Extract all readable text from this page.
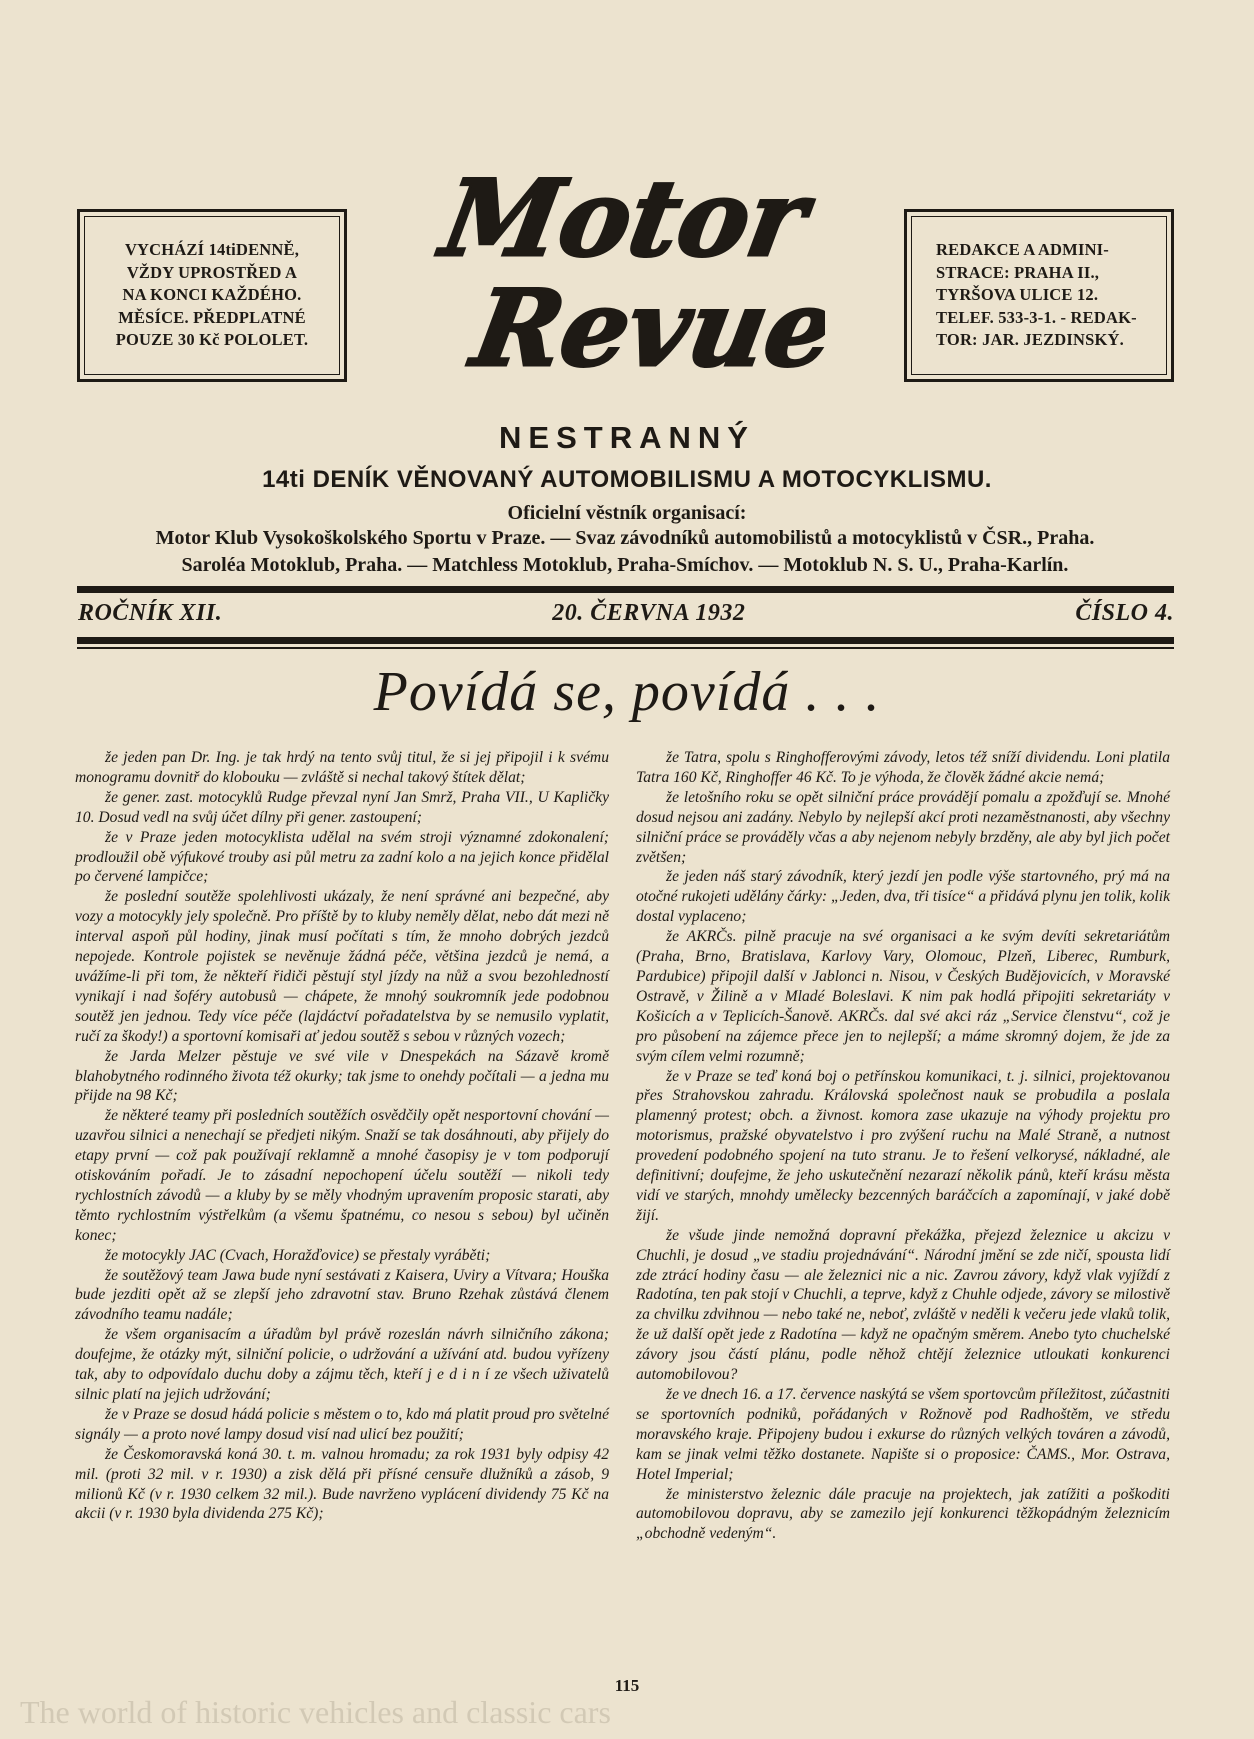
VYCHÁZÍ 14tiDENNĚ,
VŽDY UPROSTŘED A
NA KONCI KAŽDÉHO.
MĚSÍCE. PŘEDPLATNÉ
POUZE 30 Kč POLOLET.
Motor
Revue
REDAKCE A ADMINI-
STRACE: PRAHA II.,
TYRŠOVA ULICE 12.
TELEF. 533-3-1. - REDAK-
TOR: JAR. JEZDINSKÝ.
NESTRANNÝ
14ti DENÍK VĚNOVANÝ AUTOMOBILISMU A MOTOCYKLISMU.
Oficielní věstník organisací:
Motor Klub Vysokoškolského Sportu v Praze. — Svaz závodníků automobilistů a motocyklistů v ČSR., Praha.
Saroléa Motoklub, Praha. — Matchless Motoklub, Praha-Smíchov. — Motoklub N. S. U., Praha-Karlín.
ROČNÍK XII.	20. ČERVNA 1932	ČÍSLO 4.
Povídá se, povídá . . .

že jeden pan Dr. Ing. je tak hrdý na tento svůj titul, že si jej připojil i k svému monogramu dovnitř do klobouku — zvláště si nechal takový štítek dělat;

že gener. zast. motocyklů Rudge převzal nyní Jan Smrž, Praha VII., U Kapličky 10. Dosud vedl na svůj účet dílny při gener. zastoupení;

že v Praze jeden motocyklista udělal na svém stroji významné zdokonalení; prodloužil obě výfukové trouby asi půl metru za zadní kolo a na jejich konce přidělal po červené lampičce;

že poslední soutěže spolehlivosti ukázaly, že není správné ani bezpečné, aby vozy a motocykly jely společně. Pro příště by to kluby neměly dělat, nebo dát mezi ně interval aspoň půl hodiny, jinak musí počítati s tím, že mnoho dobrých jezdců nepojede. Kontrole pojistek se nevěnuje žádná péče, většina jezdců je nemá, a uvážíme-li při tom, že někteří řidiči pěstují styl jízdy na nůž a svou bezohledností vynikají i nad šoféry autobusů — chápete, že mnohý soukromník jede podobnou soutěž jen jednou. Tedy více péče (lajdáctví pořadatelstva by se nemusilo vyplatit, ručí za škody!) a sportovní komisaři ať jedou soutěž s sebou v různých vozech;

že Jarda Melzer pěstuje ve své vile v Dnespekách na Sázavě kromě blahobytného rodinného života též okurky; tak jsme to onehdy počítali — a jedna mu přijde na 98 Kč;

že některé teamy při posledních soutěžích osvědčily opět nesportovní chování — uzavřou silnici a nenechají se předjeti nikým. Snaží se tak dosáhnouti, aby přijely do etapy první — což pak používají reklamně a mnohé časopisy je v tom podporují otiskováním pořadí. Je to zásadní nepochopení účelu soutěží — nikoli tedy rychlostních závodů — a kluby by se měly vhodným upravením proposic starati, aby těmto rychlostním výstřelkům (a všemu špatnému, co nesou s sebou) byl učiněn konec;

že motocykly JAC (Cvach, Horažďovice) se přestaly vyráběti;

že soutěžový team Jawa bude nyní sestávati z Kaisera, Uviry a Vítvara; Houška bude jezditi opět až se zlepší jeho zdravotní stav. Bruno Rzehak zůstává členem závodního teamu nadále;

že všem organisacím a úřadům byl právě rozeslán návrh silničního zákona; doufejme, že otázky mýt, silniční policie, o udržování a užívání atd. budou vyřízeny tak, aby to odpovídalo duchu doby a zájmu těch, kteří j e d i n í ze všech uživatelů silnic platí na jejich udržování;

že v Praze se dosud hádá policie s městem o to, kdo má platit proud pro světelné signály — a proto nové lampy dosud visí nad ulicí bez použití;

že Českomoravská koná 30. t. m. valnou hromadu; za rok 1931 byly odpisy 42 mil. (proti 32 mil. v r. 1930) a zisk dělá při přísné censuře dlužníků a zásob, 9 milionů Kč (v r. 1930 celkem 32 mil.). Bude navrženo vyplácení dividendy 75 Kč na akcii (v r. 1930 byla dividenda 275 Kč);

že Tatra, spolu s Ringhofferovými závody, letos též sníží dividendu. Loni platila Tatra 160 Kč, Ringhoffer 46 Kč. To je výhoda, že člověk žádné akcie nemá;

že letošního roku se opět silniční práce provádějí pomalu a zpožďují se. Mnohé dosud nejsou ani zadány. Nebylo by nejlepší akcí proti nezaměstnanosti, aby všechny silniční práce se prováděly včas a aby nejenom nebyly brzděny, ale aby byl jich počet zvětšen;

že jeden náš starý závodník, který jezdí jen podle výše startovného, prý má na otočné rukojeti udělány čárky: „Jeden, dva, tři tisíce“ a přidává plynu jen tolik, kolik dostal vyplaceno;

že AKRČs. pilně pracuje na své organisaci a ke svým devíti sekretariátům (Praha, Brno, Bratislava, Karlovy Vary, Olomouc, Plzeň, Liberec, Rumburk, Pardubice) připojil další v Jablonci n. Nisou, v Českých Budějovicích, v Moravské Ostravě, v Žilině a v Mladé Boleslavi. K nim pak hodlá připojiti sekretariáty v Košicích a v Teplicích-Šanově. AKRČs. dal své akci ráz „Service členstvu“, což je pro působení na zájemce přece jen to nejlepší; a máme skromný dojem, že jde za svým cílem velmi rozumně;

že v Praze se teď koná boj o petřínskou komunikaci, t. j. silnici, projektovanou přes Strahovskou zahradu. Královská společnost nauk se probudila a poslala plamenný protest; obch. a živnost. komora zase ukazuje na výhody projektu pro motorismus, pražské obyvatelstvo i pro zvýšení ruchu na Malé Straně, a nutnost provedení podobného spojení na tuto stranu. Je to řešení velkorysé, nákladné, ale definitivní; doufejme, že jeho uskutečnění nezarazí několik pánů, kteří krásu města vidí ve starých, mnohdy umělecky bezcenných baráčcích a zapomínají, v jaké době žijí.

že všude jinde nemožná dopravní překážka, přejezd železnice u akcizu v Chuchli, je dosud „ve stadiu projednávání“. Národní jmění se zde ničí, spousta lidí zde ztrácí hodiny času — ale železnici nic a nic. Zavrou závory, když vlak vyjíždí z Radotína, ten pak stojí v Chuchli, a teprve, když z Chuhle odjede, závory se milostivě za chvilku zdvihnou — nebo také ne, neboť, zvláště v neděli k večeru jede vlaků tolik, že už další opět jede z Radotína — když ne opačným směrem. Anebo tyto chuchelské závory jsou částí plánu, podle něhož chtějí železnice utloukati konkurenci automobilovou?

že ve dnech 16. a 17. července naskýtá se všem sportovcům příležitost, zúčastniti se sportovních podniků, pořádaných v Rožnově pod Radhoštěm, ve středu moravského kraje. Připojeny budou i exkurse do různých velkých továren a závodů, kam se jinak velmi těžko dostanete. Napište si o proposice: ČAMS., Mor. Ostrava, Hotel Imperial;

že ministerstvo železnic dále pracuje na projektech, jak zatížiti a poškoditi automobilovou dopravu, aby se zamezilo její konkurenci těžkopádným železnicím „obchodně vedeným“.

115
The world of historic vehicles and classic cars
